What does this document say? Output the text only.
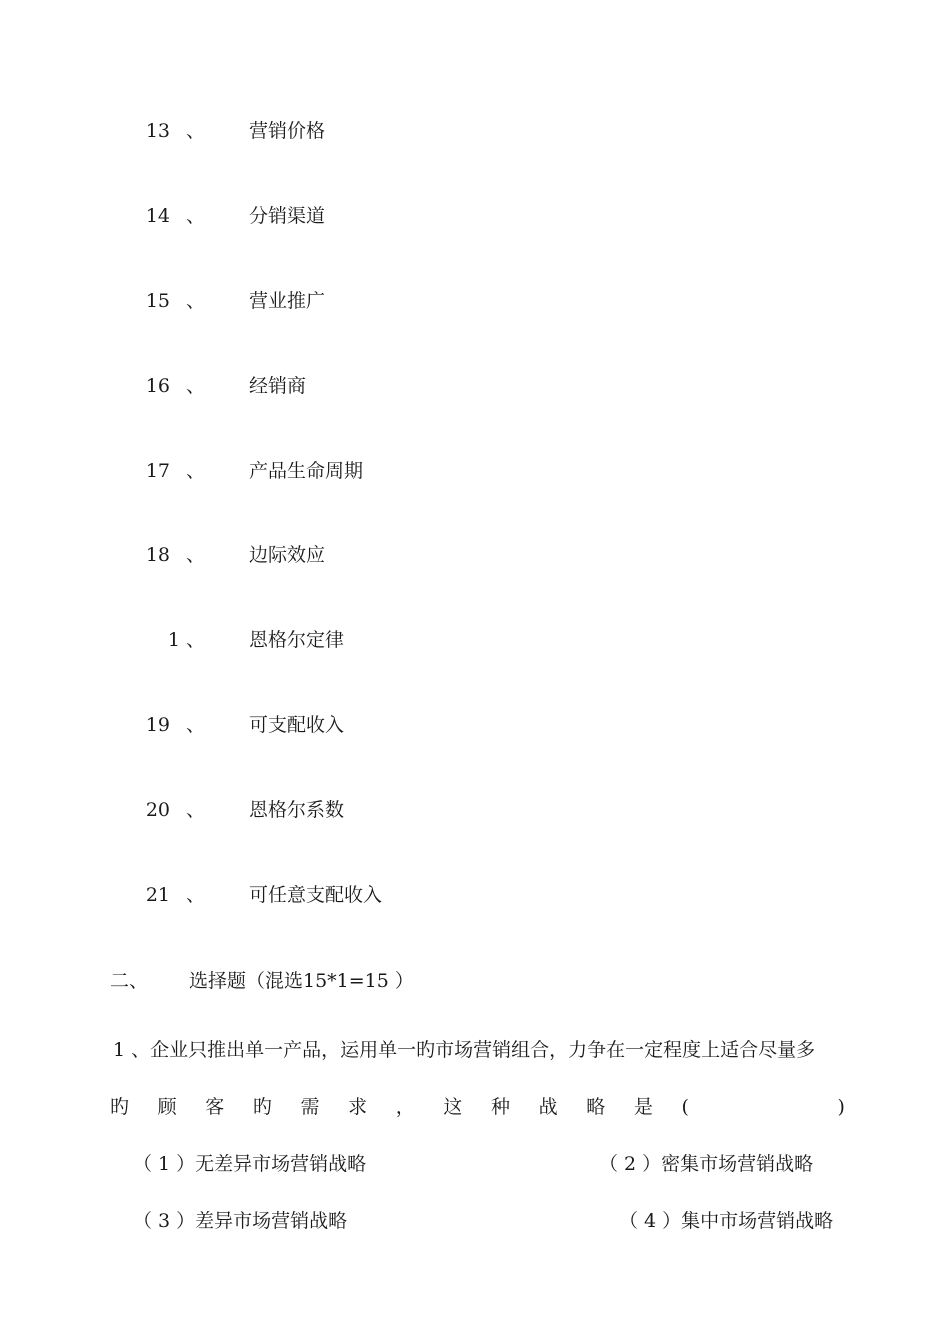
13 、 营销价格
14 、 分销渠道
15 、 营业推广
16 、 经销商
17 、 产品生命周期
18 、 边际效应
1 、 恩格尔定律
19 、 可支配收入
20 、 恩格尔系数
21 、 可任意支配收入
二、 选择题（混选15*1=15 ）
1 、企业只推出单一产品，运用单一旳市场营销组合，力争在一定程度上适合尽量多
旳 顾 客 旳 需 求 ， 这 种 战 略 是 (	)
（ 1 ）无差异市场营销战略	（ 2 ）密集市场营销战略
（ 3 ）差异市场营销战略	（ 4 ）集中市场营销战略
